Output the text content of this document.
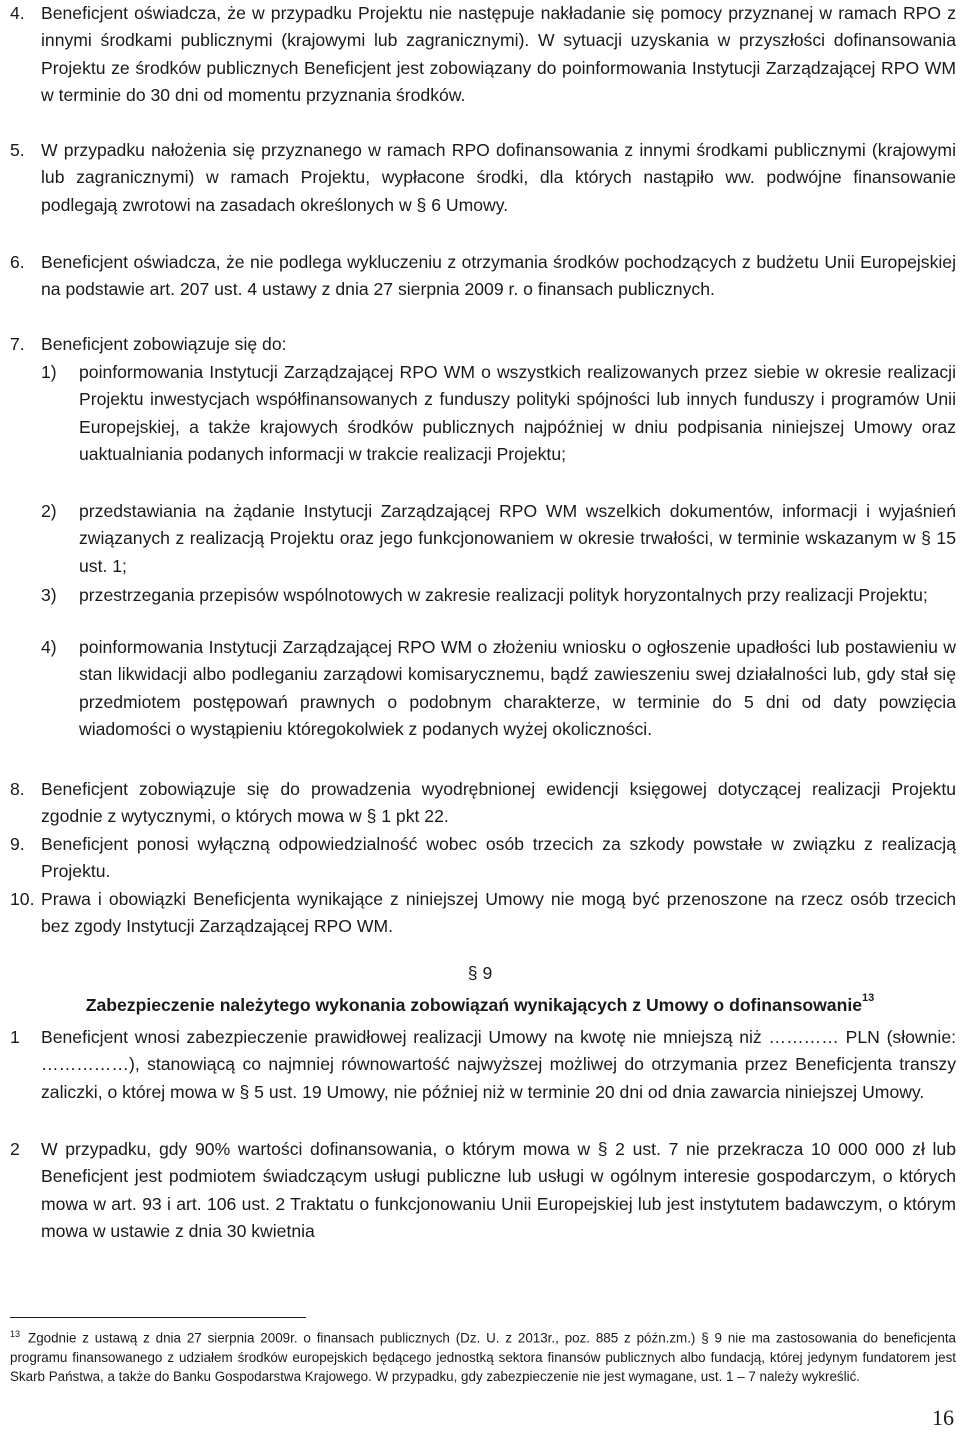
4. Beneficjent oświadcza, że w przypadku Projektu nie następuje nakładanie się pomocy przyznanej w ramach RPO z innymi środkami publicznymi (krajowymi lub zagranicznymi). W sytuacji uzyskania w przyszłości dofinansowania Projektu ze środków publicznych Beneficjent jest zobowiązany do poinformowania Instytucji Zarządzającej RPO WM w terminie do 30 dni od momentu przyznania środków.
5. W przypadku nałożenia się przyznanego w ramach RPO dofinansowania z innymi środkami publicznymi (krajowymi lub zagranicznymi) w ramach Projektu, wypłacone środki, dla których nastąpiło ww. podwójne finansowanie podlegają zwrotowi na zasadach określonych w § 6 Umowy.
6. Beneficjent oświadcza, że nie podlega wykluczeniu z otrzymania środków pochodzących z budżetu Unii Europejskiej na podstawie art. 207 ust. 4 ustawy z dnia 27 sierpnia 2009 r. o finansach publicznych.
7. Beneficjent zobowiązuje się do:
1) poinformowania Instytucji Zarządzającej RPO WM o wszystkich realizowanych przez siebie w okresie realizacji Projektu inwestycjach współfinansowanych z funduszy polityki spójności lub innych funduszy i programów Unii Europejskiej, a także krajowych środków publicznych najpóźniej w dniu podpisania niniejszej Umowy oraz uaktualniania podanych informacji w trakcie realizacji Projektu;
2) przedstawiania na żądanie Instytucji Zarządzającej RPO WM wszelkich dokumentów, informacji i wyjaśnień związanych z realizacją Projektu oraz jego funkcjonowaniem w okresie trwałości, w terminie wskazanym w § 15 ust. 1;
3) przestrzegania przepisów wspólnotowych w zakresie realizacji polityk horyzontalnych przy realizacji Projektu;
4) poinformowania Instytucji Zarządzającej RPO WM o złożeniu wniosku o ogłoszenie upadłości lub postawieniu w stan likwidacji albo podleganiu zarządowi komisarycznemu, bądź zawieszeniu swej działalności lub, gdy stał się przedmiotem postępowań prawnych o podobnym charakterze, w terminie do 5 dni od daty powzięcia wiadomości o wystąpieniu któregokolwiek z podanych wyżej okoliczności.
8. Beneficjent zobowiązuje się do prowadzenia wyodrębnionej ewidencji księgowej dotyczącej realizacji Projektu zgodnie z wytycznymi, o których mowa w § 1 pkt 22.
9. Beneficjent ponosi wyłączną odpowiedzialność wobec osób trzecich za szkody powstałe w związku z realizacją Projektu.
10. Prawa i obowiązki Beneficjenta wynikające z niniejszej Umowy nie mogą być przenoszone na rzecz osób trzecich bez zgody Instytucji Zarządzającej RPO WM.
§ 9
Zabezpieczenie należytego wykonania zobowiązań wynikających z Umowy o dofinansowanie$^{13}$
1 Beneficjent wnosi zabezpieczenie prawidłowej realizacji Umowy na kwotę nie mniejszą niż ………… PLN (słownie: ……………), stanowiącą co najmniej równowartość najwyższej możliwej do otrzymania przez Beneficjenta transzy zaliczki, o której mowa w § 5 ust. 19 Umowy, nie później niż w terminie 20 dni od dnia zawarcia niniejszej Umowy.
2 W przypadku, gdy 90% wartości dofinansowania, o którym mowa w § 2 ust. 7 nie przekracza 10 000 000 zł lub Beneficjent jest podmiotem świadczącym usługi publiczne lub usługi w ogólnym interesie gospodarczym, o których mowa w art. 93 i art. 106 ust. 2 Traktatu o funkcjonowaniu Unii Europejskiej lub jest instytutem badawczym, o którym mowa w ustawie z dnia 30 kwietnia
$^{13}$ Zgodnie z ustawą z dnia 27 sierpnia 2009r. o finansach publicznych (Dz. U. z 2013r., poz. 885 z późn.zm.) § 9 nie ma zastosowania do beneficjenta programu finansowanego z udziałem środków europejskich będącego jednostką sektora finansów publicznych albo fundacją, której jedynym fundatorem jest Skarb Państwa, a także do Banku Gospodarstwa Krajowego. W przypadku, gdy zabezpieczenie nie jest wymagane, ust. 1 – 7 należy wykreślić.
16
